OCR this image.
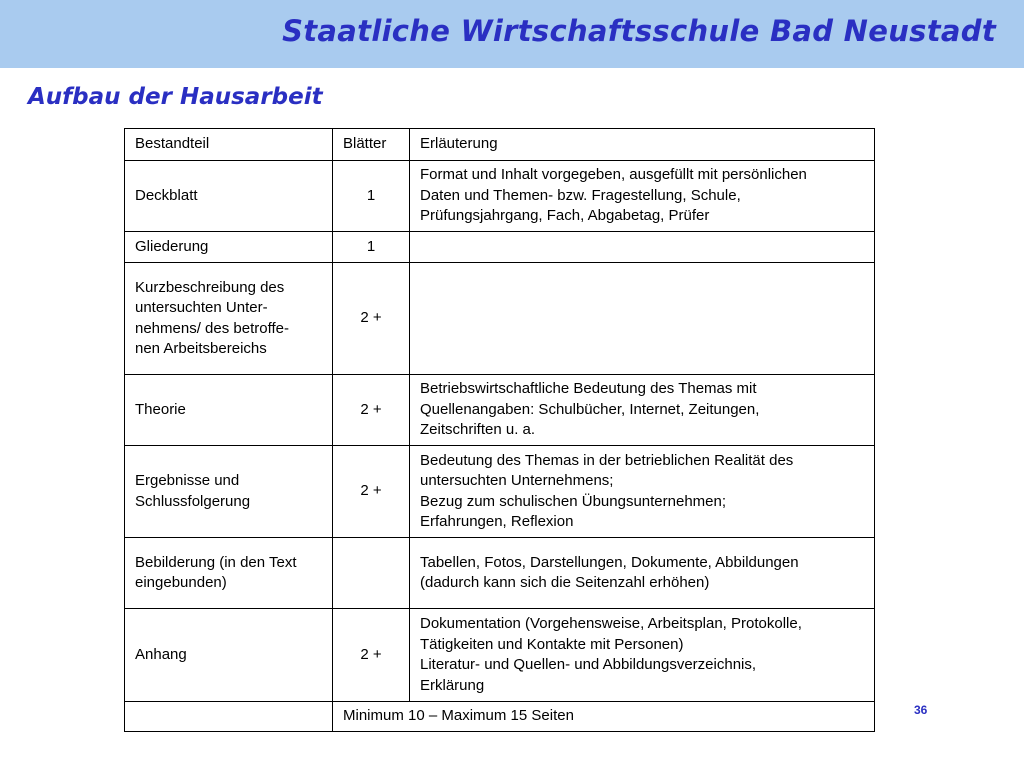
Staatliche Wirtschaftsschule Bad Neustadt
Aufbau der Hausarbeit
Bestandteil	Blätter	Erläuterung
Deckblatt	1	Format und Inhalt vorgegeben, ausgefüllt mit persönlichen
Daten und Themen- bzw. Fragestellung, Schule,
Prüfungsjahrgang, Fach, Abgabetag, Prüfer
Gliederung	1	
Kurzbeschreibung des
untersuchten Unter-
nehmens/ des betroffe-
nen Arbeitsbereichs	2 +	
Theorie	2 +	Betriebswirtschaftliche Bedeutung des Themas mit
Quellenangaben: Schulbücher, Internet, Zeitungen,
Zeitschriften u. a.
Ergebnisse und
Schlussfolgerung	2 +	Bedeutung des Themas in der betrieblichen Realität des
untersuchten Unternehmens;
Bezug zum schulischen Übungsunternehmen;
Erfahrungen, Reflexion
Bebilderung (in den Text
eingebunden)		Tabellen, Fotos, Darstellungen, Dokumente, Abbildungen
(dadurch kann sich die Seitenzahl erhöhen)
Anhang	2 +	Dokumentation (Vorgehensweise, Arbeitsplan, Protokolle,
Tätigkeiten und Kontakte mit Personen)
Literatur- und Quellen- und Abbildungsverzeichnis,
Erklärung
	Minimum 10 – Maximum 15 Seiten		36
